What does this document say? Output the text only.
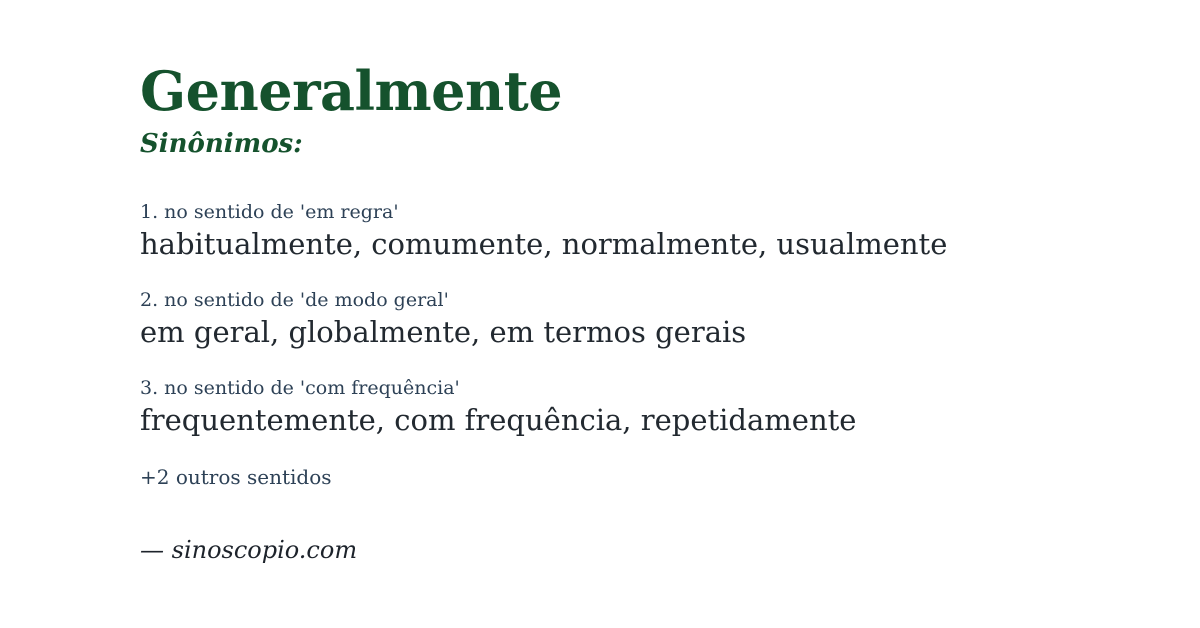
Generalmente
Sinônimos:
1. no sentido de 'em regra'
habitualmente, comumente, normalmente, usualmente
2. no sentido de 'de modo geral'
em geral, globalmente, em termos gerais
3. no sentido de 'com frequência'
frequentemente, com frequência, repetidamente
+2 outros sentidos
— sinoscopio.com
